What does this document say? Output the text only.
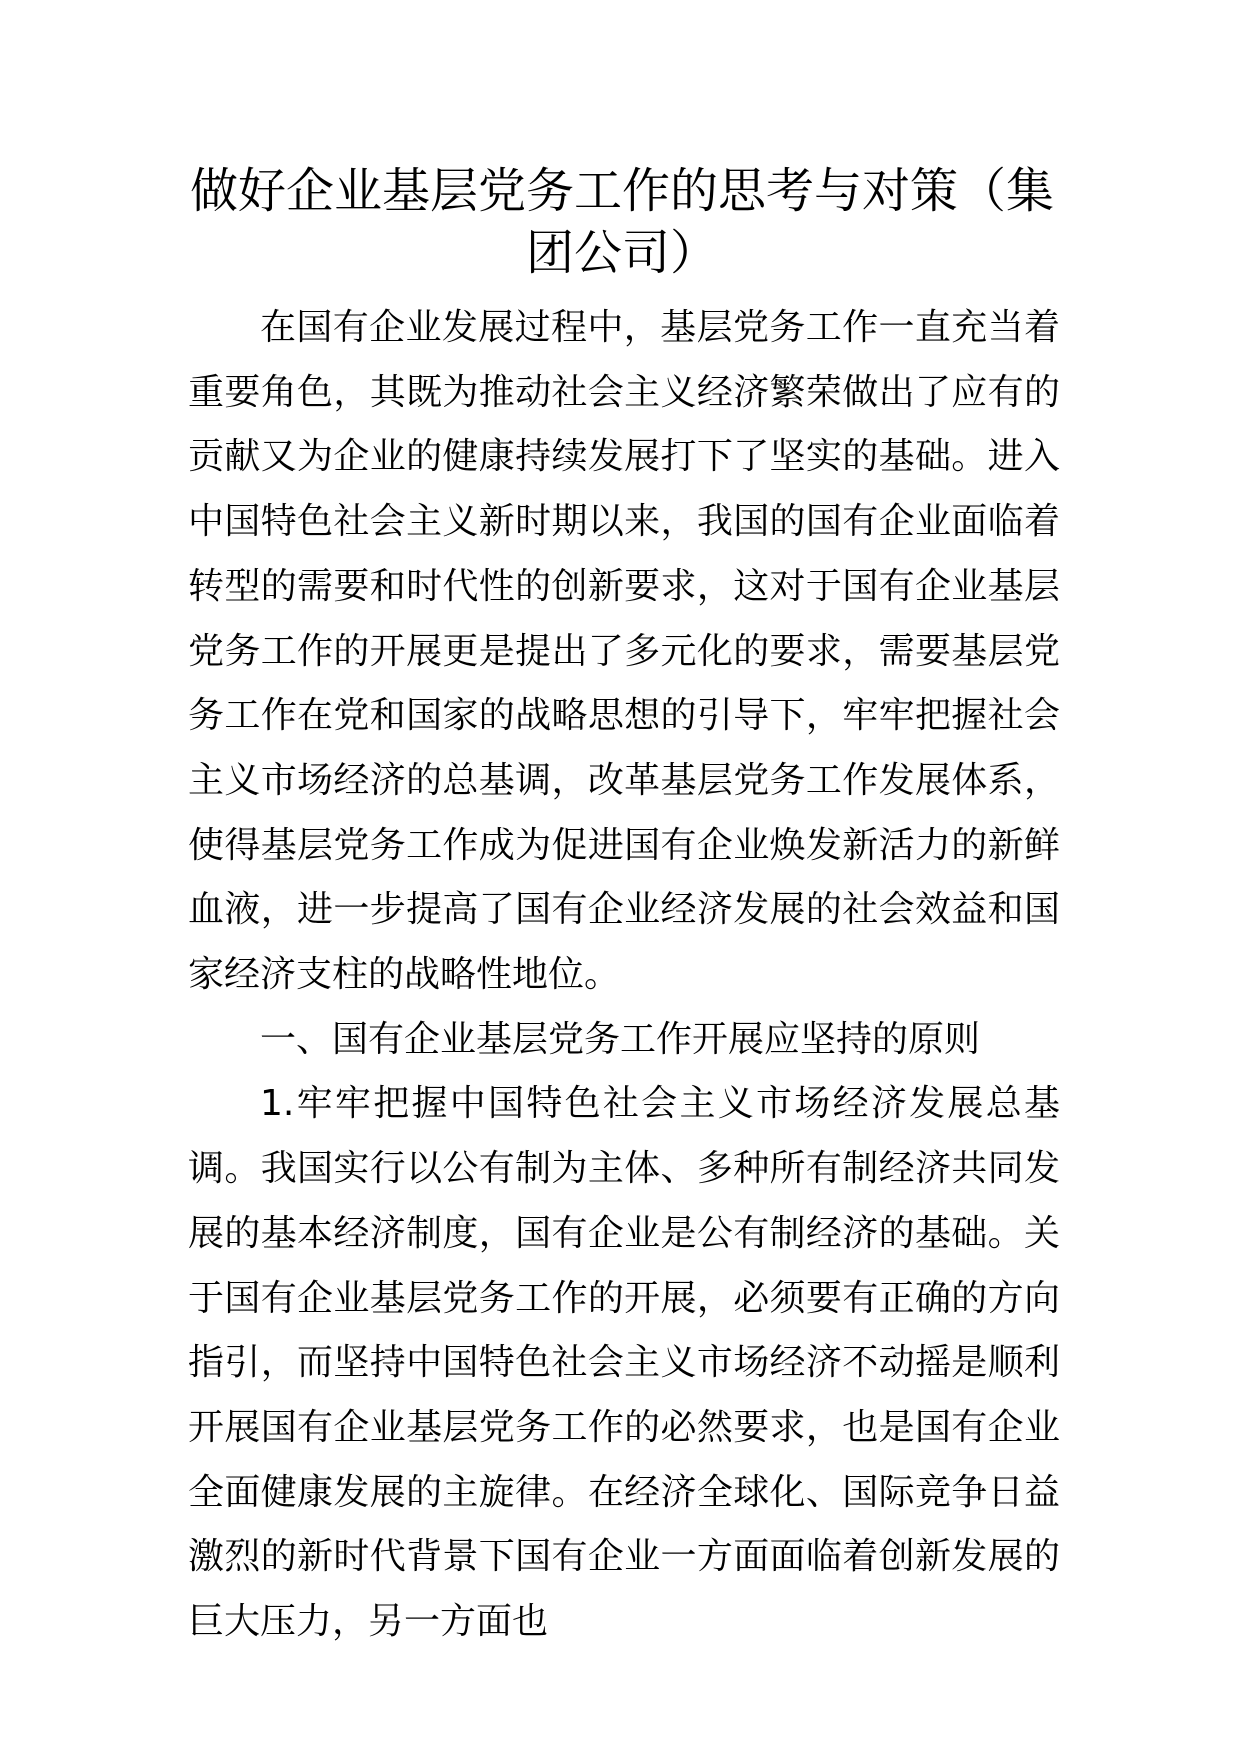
做好企业基层党务工作的思考与对策（集团公司）

在国有企业发展过程中，基层党务工作一直充当着重要角色，其既为推动社会主义经济繁荣做出了应有的贡献又为企业的健康持续发展打下了坚实的基础。进入中国特色社会主义新时期以来，我国的国有企业面临着转型的需要和时代性的创新要求，这对于国有企业基层党务工作的开展更是提出了多元化的要求，需要基层党务工作在党和国家的战略思想的引导下，牢牢把握社会主义市场经济的总基调，改革基层党务工作发展体系，使得基层党务工作成为促进国有企业焕发新活力的新鲜血液，进一步提高了国有企业经济发展的社会效益和国家经济支柱的战略性地位。

一、国有企业基层党务工作开展应坚持的原则

1.牢牢把握中国特色社会主义市场经济发展总基调。我国实行以公有制为主体、多种所有制经济共同发展的基本经济制度，国有企业是公有制经济的基础。关于国有企业基层党务工作的开展，必须要有正确的方向指引，而坚持中国特色社会主义市场经济不动摇是顺利开展国有企业基层党务工作的必然要求，也是国有企业全面健康发展的主旋律。在经济全球化、国际竞争日益激烈的新时代背景下国有企业一方面面临着创新发展的巨大压力，另一方面也
